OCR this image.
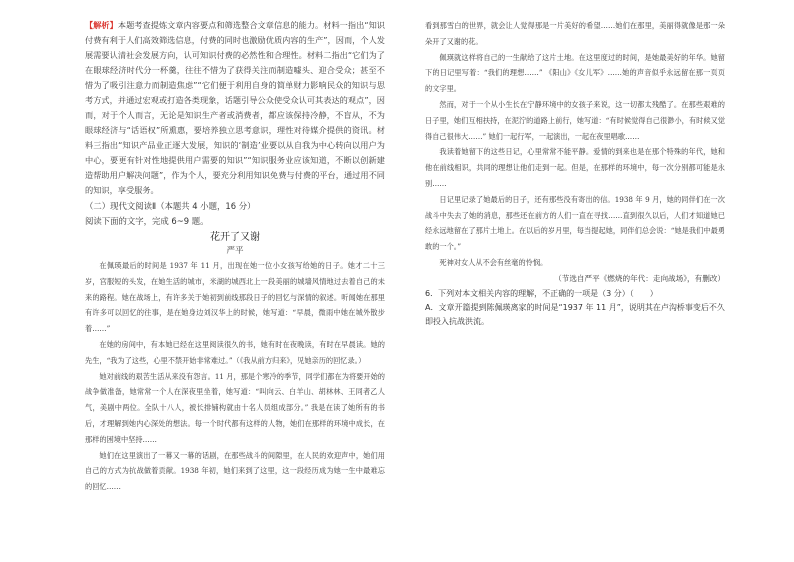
【解析】本题考查提炼文章内容要点和筛选整合文章信息的能力。材料一指出“知识付费有利于人们高效筛选信息，付费的同时也激励优质内容的生产”，因而，个人发展需要认清社会发展方向，认可知识付费的必然性和合理性。材料二指出“它们为了在眼球经济时代分一杯羹，往往不惜为了获得关注而制造噱头、迎合受众；甚至不惜为了吸引注意力而制造焦虑”“它们便于利用自身的简单财力影响民众的知识与思考方式，并通过宏观或打造各类现象，话题引导公众使受众认可其表达的观点”，因而，对于个人而言，无论是知识生产者或消费者，都应该保持冷静，不盲从，不为眼球经济与“话语权”所熏惠，要培养独立思考意识，理性对待媒介提供的资讯。材料三指出“知识产品业正逐大发展，知识的‘制造’业要以从自我为中心转向以用户为中心，要更有针对性地提供用户需要的知识”“知识服务业应该知道，不断以创新建造帮助用户解决问题”，作为个人，要充分利用知识免费与付费的平台，通过用不同的知识，享受服务。
（二）现代文阅读Ⅱ（本题共 4 小题，16 分）
阅读下面的文字，完成 6~9 题。
花开了又谢
严平

在佩瑛最后的时间是 1937 年 11 月，出现在她一位小女孩写给她的日子。她才二十三岁，宫服短的头发，在她生活的城市，米湖的城西北上一段美丽的城墙风情地过去着自己的未来的路程。她在战场上，有许多关于她初到前线那段日子的回忆与深情的叙述。听闻她在那里有许多可以回忆的往事，是在她身边刘汉华上的时候，她写道：“早晨，微雨中她在城外散步着……”

在她的房间中，有本她已经在这里阅读很久的书，她有时在夜晚读，有时在早晨读。她的先生，“我为了这些，心里不禁开始非常难过。”（《我从前方归来》，见她亲历的回忆录。）

她对前线的艰苦生活从来没有怨言。11 月，那是个寒冷的季节，同学们都在为将要开始的战争做准备，她常常一个人在深夜里坐着，她写道：“叫向云、白羊山、胡林林、王同者乙人气，美剧中两位。全队十八人，被长排铺构就由十名人员组成部分。” 我是在读了她所有的书后，才理解到她内心深处的想法。每一个时代都有这样的人物，她们在那样的环境中成长，在那样的困境中坚持……

她们在这里演出了一幕又一幕的话剧，在那些战斗的间隙里，在人民的欢迎声中，她们用自己的方式为抗战做着贡献。1938 年初，她们来到了这里，这一段经历成为她一生中最难忘的回忆……

看到那雪白的世界，就会让人觉得那是一片美好的希望……她们在那里，美丽得就像是那一朵朵开了又谢的花。

佩瑛就这样将自己的一生献给了这片土地。在这里度过的时间，是她最美好的年华。她留下的日记里写着：“我们的理想……” 《阳山》《女儿军》……她的声音似乎永远留在那一页页的文字里。

然而，对于一个从小生长在宁静环境中的女孩子来说，这一切都太残酷了。在那些艰难的日子里，她们互相扶持，在泥泞的道路上前行，她写道：“有时候觉得自己很渺小，有时候又觉得自己很伟大……” 她们一起行军，一起演出，一起在夜里唱歌……

我读着她留下的这些日记，心里常常不能平静。爱情的到来也是在那个特殊的年代，她和他在前线相识，共同的理想让他们走到一起。但是，在那样的环境中，每一次分别都可能是永别……

日记里记录了她最后的日子，还有那些没有寄出的信。1938 年 9 月，她的同伴们在一次战斗中失去了她的消息，那些还在前方的人们一直在寻找……直到很久以后，人们才知道她已经永远地留在了那片土地上。在以后的岁月里，每当提起她，同伴们总会说：“她是我们中最勇敢的一个。”

死神对女人从不会有丝毫的怜悯。

（节选自严平《燃烧的年代：走向战场》，有删改）
6．下列对本文相关内容的理解，不正确的一项是（3 分）（　　）
A．文章开篇提到陈佩瑛离家的时间是“1937 年 11 月”，说明其在卢沟桥事变后不久即投入抗战洪流。
